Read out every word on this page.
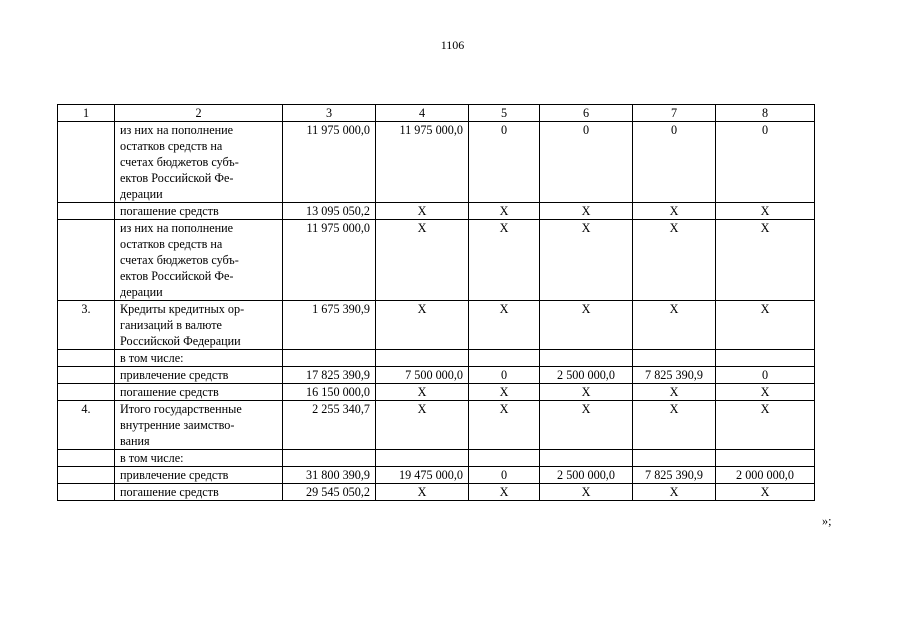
1106
1	2	3	4	5	6	7	8

	из них на пополнение
остатков средств на
счетах бюджетов субъ-
ектов Российской Фе-
дерации	11 975 000,0	11 975 000,0	0	0	0	0

	погашение средств	13 095 050,2	Х	Х	Х	Х	Х

	из них на пополнение
остатков средств на
счетах бюджетов субъ-
ектов Российской Фе-
дерации	11 975 000,0	Х	Х	Х	Х	Х
3.	Кредиты кредитных ор-
ганизаций в валюте
Российской Федерации	1 675 390,9	Х	Х	Х	Х	Х

	в том числе:						

	привлечение средств	17 825 390,9	7 500 000,0	0	2 500 000,0	7 825 390,9	0

	погашение средств	16 150 000,0	Х	Х	Х	Х	Х
4.	Итого государственные
внутренние заимство-
вания	2 255 340,7	Х	Х	Х	Х	Х

	в том числе:						

	привлечение средств	31 800 390,9	19 475 000,0	0	2 500 000,0	7 825 390,9	2 000 000,0

	погашение средств	29 545 050,2	Х	Х	Х	Х	Х
»;
